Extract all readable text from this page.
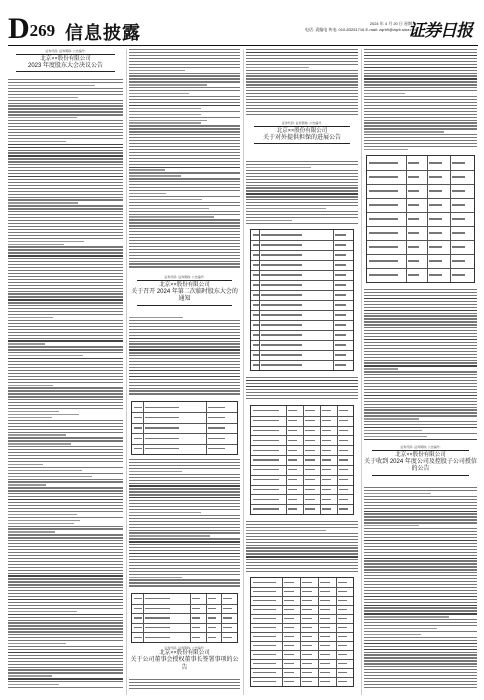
D269 信息披露	2024 年 4 月 20 日 星期六
电话: 责编电 传电: 010-83251716 E-mail: zqrb9@zqrb.sina.net
证券日报
证券代码: 证券简称: 公告编号:
北京××股份有限公司
2023 年度股东大会决议公告
证券代码: 证券简称: 公告编号:
北京××股份有限公司
关于召开 2024 年第二次临时股东大会的通知
证券代码: 证券简称: 公告编号:
北京××股份有限公司
关于公司董事会授权董事长签署事项的公告
证券代码: 证券简称: 公告编号:
北京××股份有限公司
关于对外提供担保的进展公告
证券代码: 证券简称: 公告编号:
北京××股份有限公司
关于收到 2024 年度公司及控股子公司授信的公告
